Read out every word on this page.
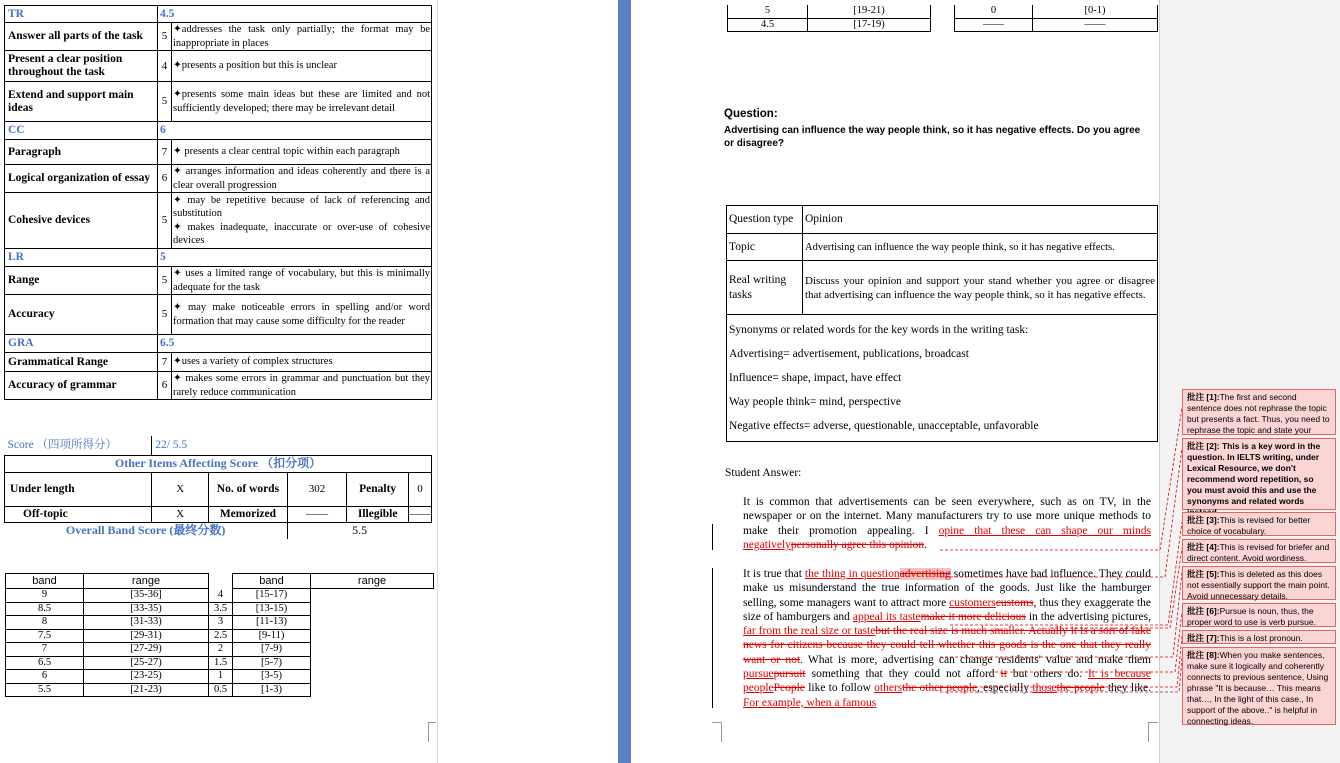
TR	4.5	
Answer all parts of the task	5	✦addresses the task only partially; the format may be inappropriate in places
Present a clear position throughout the task	4	✦presents a position but this is unclear
Extend and support main ideas	5	✦presents some main ideas but these are limited and not sufficiently developed; there may be irrelevant detail
CC	6	
Paragraph	7	✦ presents a clear central topic within each paragraph
Logical organization of essay	6	✦ arranges information and ideas coherently and there is a clear overall progression
Cohesive devices	5	✦ may be repetitive because of lack of referencing and substitution
✦ makes inadequate, inaccurate or over-use of cohesive devices
LR	5	
Range	5	✦ uses a limited range of vocabulary, but this is minimally adequate for the task
Accuracy	5	✦ may make noticeable errors in spelling and/or word formation that may cause some difficulty for the reader
GRA	6.5	
Grammatical Range	7	✦uses a variety of complex structures
Accuracy of grammar	6	✦ makes some errors in grammar and punctuation but they rarely reduce communication
Score （四项所得分）	22/ 5.5				
Other Items Affecting Score （扣分项）					
Under length	X	No. of words	302	Penalty	0
Off-topic	X	Memorized	——	Illegible	——
Overall Band Score (最终分数)			5.5		
band	range		band	range
9	[35-36]	4	[15-17)	
8.5	[33-35)	3.5	[13-15)	
8	[31-33)	3	[11-13)	
7.5	[29-31)	2.5	[9-11)	
7	[27-29)	2	[7-9)	
6.5	[25-27)	1.5	[5-7)	
6	[23-25)	1	[3-5)	
5.5	[21-23)	0.5	[1-3)	
5	[19-21)		0	[0-1)
4.5	[17-19)		——	——
Question:
Advertising can influence the way people think, so it has negative effects. Do you agree or disagree?
Question type	Opinion
Topic	Advertising can influence the way people think, so it has negative effects.
Real writing tasks	Discuss your opinion and support your stand whether you agree or disagree that advertising can influence the way people think, so it has negative effects.

Synonyms or related words for the key words in the writing task:
Advertising= advertisement, publications, broadcast
Influence= shape, impact, have effect
Way people think= mind, perspective
Negative effects= adverse, questionable, unacceptable, unfavorable	
Student Answer:
It is common that advertisements can be seen everywhere, such as on TV, in the newspaper or on the internet. Many manufacturers try to use more unique methods to make their promotion appealing. I opine that these can shape our minds negativelypersonally agree this opinion.
It is true that the thing in questionadvertising sometimes have bad influence. They could make us misunderstand the true information of the goods. Just like the hamburger selling, some managers want to attract more customerscustoms, thus they exaggerate the size of hamburgers and appeal its tastemake it more delicious in the advertising pictures, far from the real size or tastebut the real size is much smaller. Actually it is a sort of fake news for citizens because they could tell whether this goods is the one that they really want or not. What is more, advertising can change residents' value and make them pursuepursuit something that they could not afford it but others do. It is because peoplePeople like to follow othersthe other people, especially thosethe people they like. For example, when a famous
批注 [1]:The first and second sentence does not rephrase the topic but presents a fact. Thus, you need to rephrase the topic and state your
批注 [2]: This is a key word in the question. In IELTS writing, under Lexical Resource, we don't recommend word repetition, so you must avoid this and use the synonyms and related words
批注 [3]:This is revised for better choice of vocabulary.
批注 [4]:This is revised for briefer and direct content. Avoid wordiness.
批注 [5]:This is deleted as this does not essentially support the main point. Avoid unnecessary details.
批注 [6]:Pursue is noun, thus, the proper word to use is verb pursue.
批注 [7]:This is a lost pronoun.
批注 [8]:When you make sentences, make sure it logically and coherently connects to previous sentence, Using phrase "It is because… This means that…, In the light of this case., In support of the above.." is helpful in connecting ideas.
